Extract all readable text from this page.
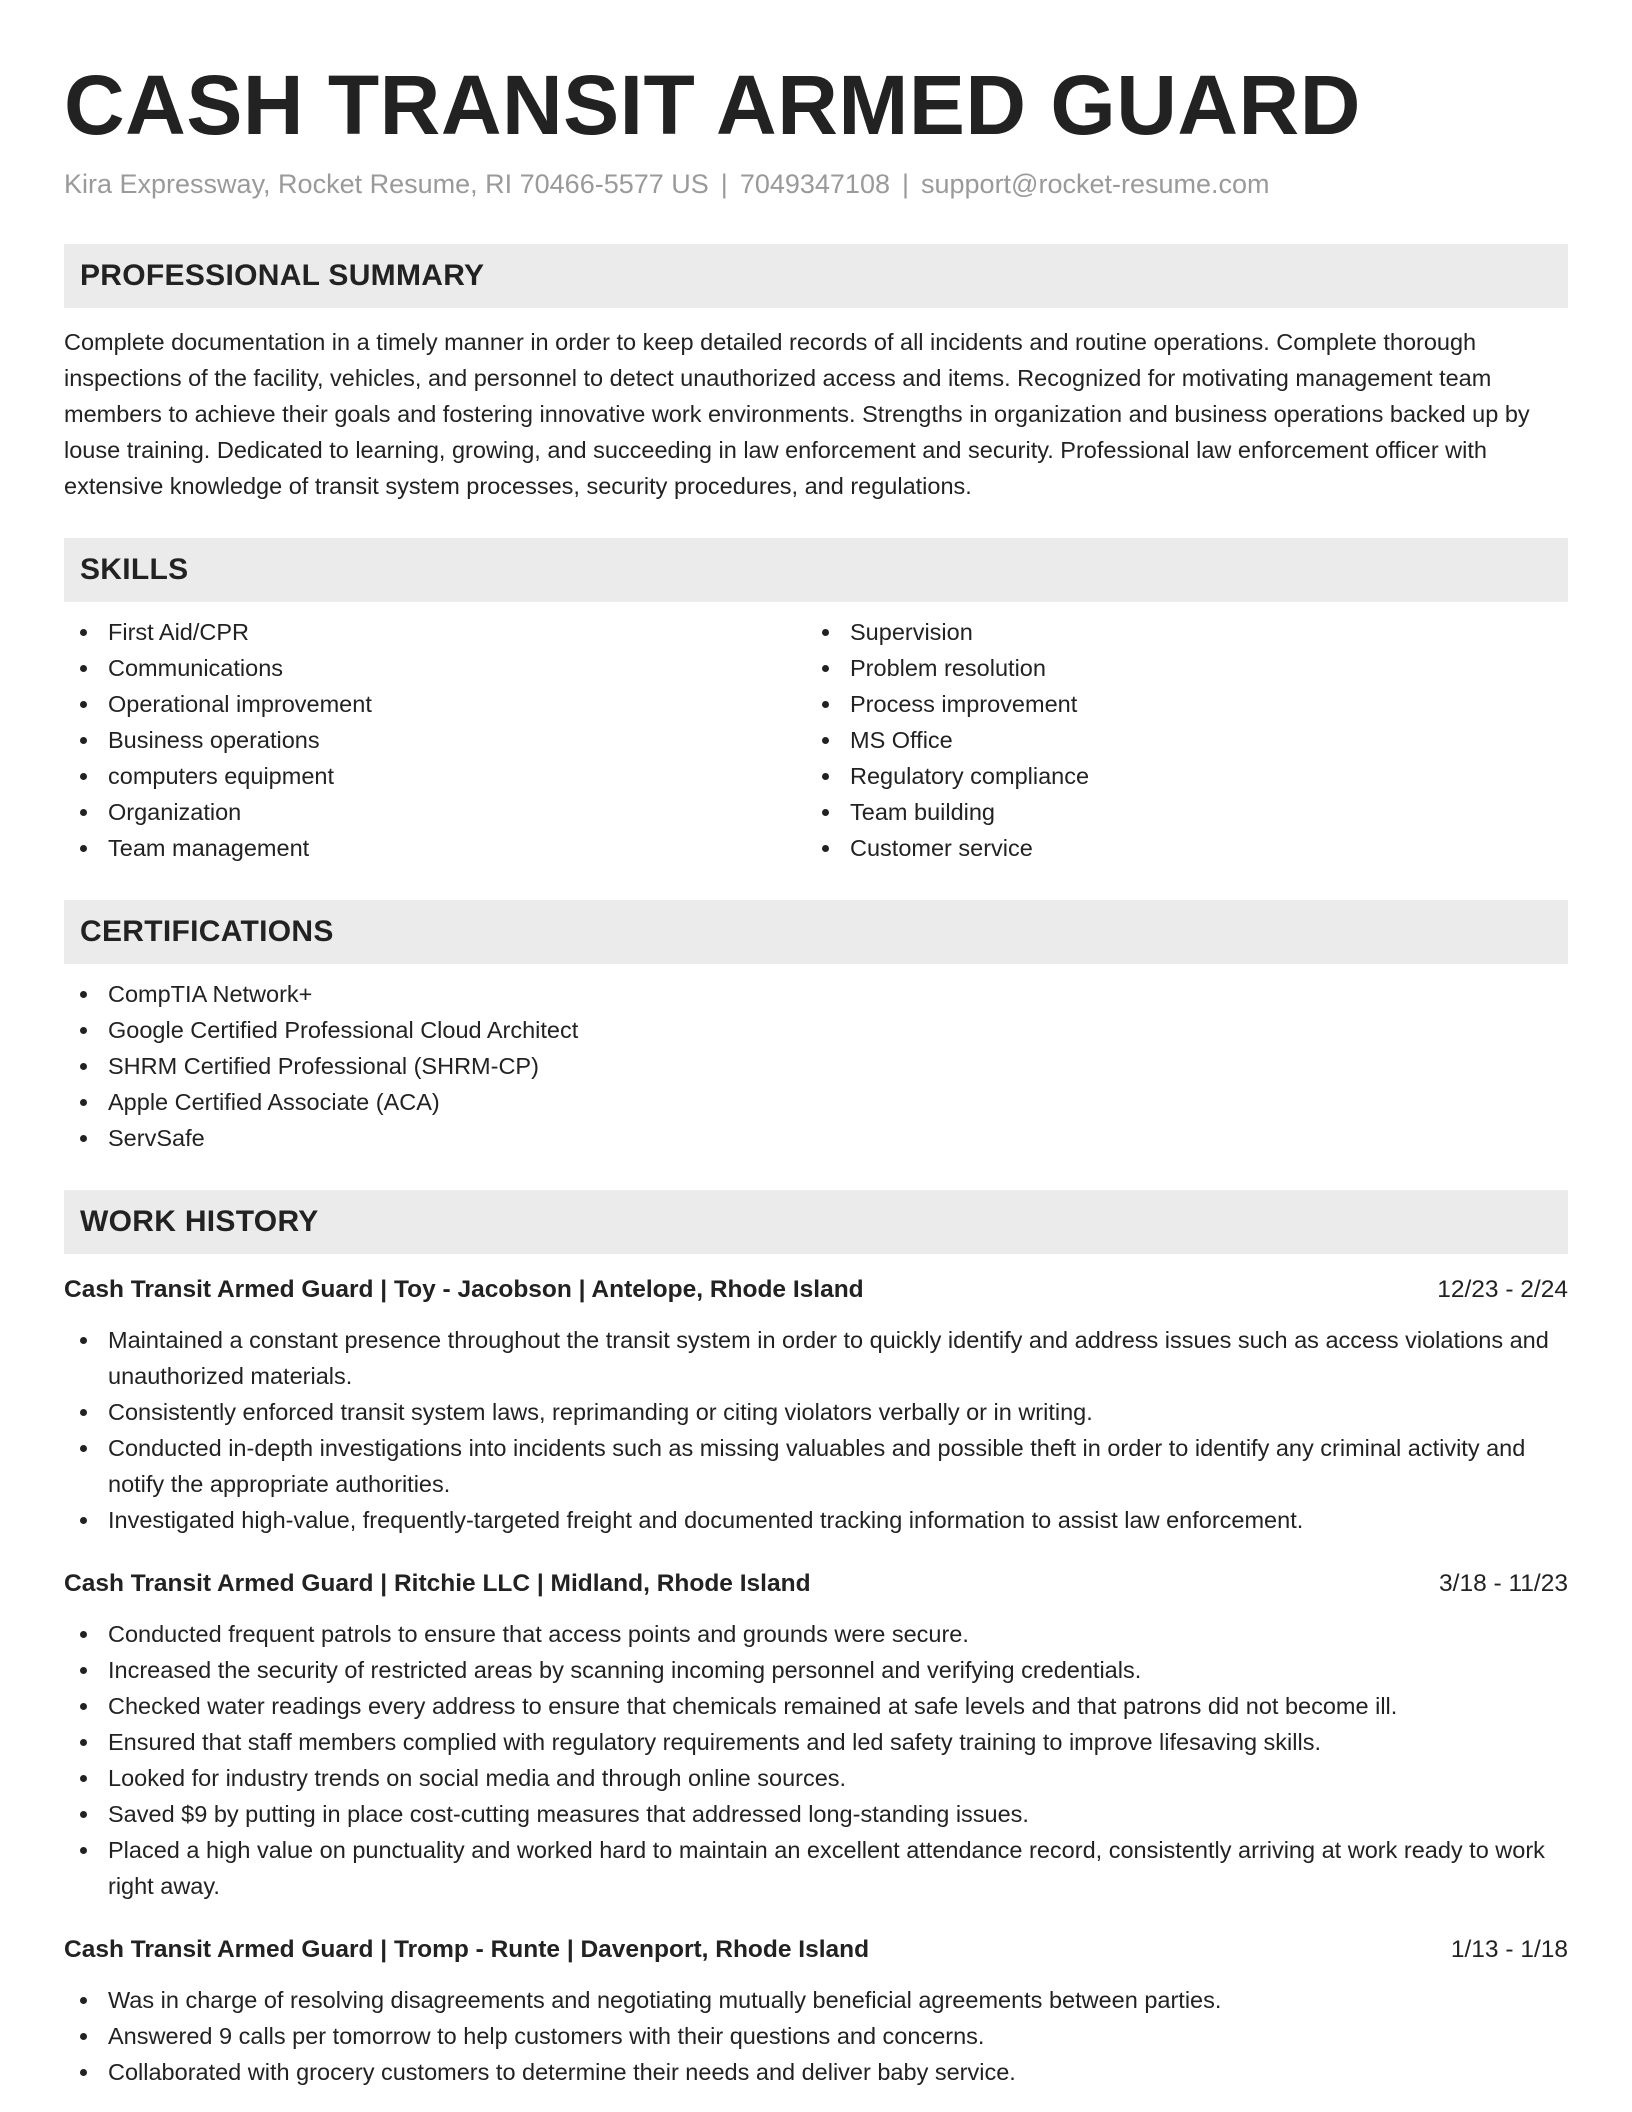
CASH TRANSIT ARMED GUARD
Kira Expressway, Rocket Resume, RI 70466-5577 US | 7049347108 | support@rocket-resume.com
PROFESSIONAL SUMMARY

Complete documentation in a timely manner in order to keep detailed records of all incidents and routine operations. Complete thorough inspections of the facility, vehicles, and personnel to detect unauthorized access and items. Recognized for motivating management team members to achieve their goals and fostering innovative work environments. Strengths in organization and business operations backed up by louse training. Dedicated to learning, growing, and succeeding in law enforcement and security. Professional law enforcement officer with extensive knowledge of transit system processes, security procedures, and regulations.

SKILLS
First Aid/CPR
Communications
Operational improvement
Business operations
computers equipment
Organization
Team management
Supervision
Problem resolution
Process improvement
MS Office
Regulatory compliance
Team building
Customer service
CERTIFICATIONS
CompTIA Network+
Google Certified Professional Cloud Architect
SHRM Certified Professional (SHRM-CP)
Apple Certified Associate (ACA)
ServSafe
WORK HISTORY
Cash Transit Armed Guard | Toy - Jacobson | Antelope, Rhode Island	12/23 - 2/24
Maintained a constant presence throughout the transit system in order to quickly identify and address issues such as access violations and unauthorized materials.
Consistently enforced transit system laws, reprimanding or citing violators verbally or in writing.
Conducted in-depth investigations into incidents such as missing valuables and possible theft in order to identify any criminal activity and notify the appropriate authorities.
Investigated high-value, frequently-targeted freight and documented tracking information to assist law enforcement.
Cash Transit Armed Guard | Ritchie LLC | Midland, Rhode Island	3/18 - 11/23
Conducted frequent patrols to ensure that access points and grounds were secure.
Increased the security of restricted areas by scanning incoming personnel and verifying credentials.
Checked water readings every address to ensure that chemicals remained at safe levels and that patrons did not become ill.
Ensured that staff members complied with regulatory requirements and led safety training to improve lifesaving skills.
Looked for industry trends on social media and through online sources.
Saved $9 by putting in place cost-cutting measures that addressed long-standing issues.
Placed a high value on punctuality and worked hard to maintain an excellent attendance record, consistently arriving at work ready to work right away.
Cash Transit Armed Guard | Tromp - Runte | Davenport, Rhode Island	1/13 - 1/18
Was in charge of resolving disagreements and negotiating mutually beneficial agreements between parties.
Answered 9 calls per tomorrow to help customers with their questions and concerns.
Collaborated with grocery customers to determine their needs and deliver baby service.
